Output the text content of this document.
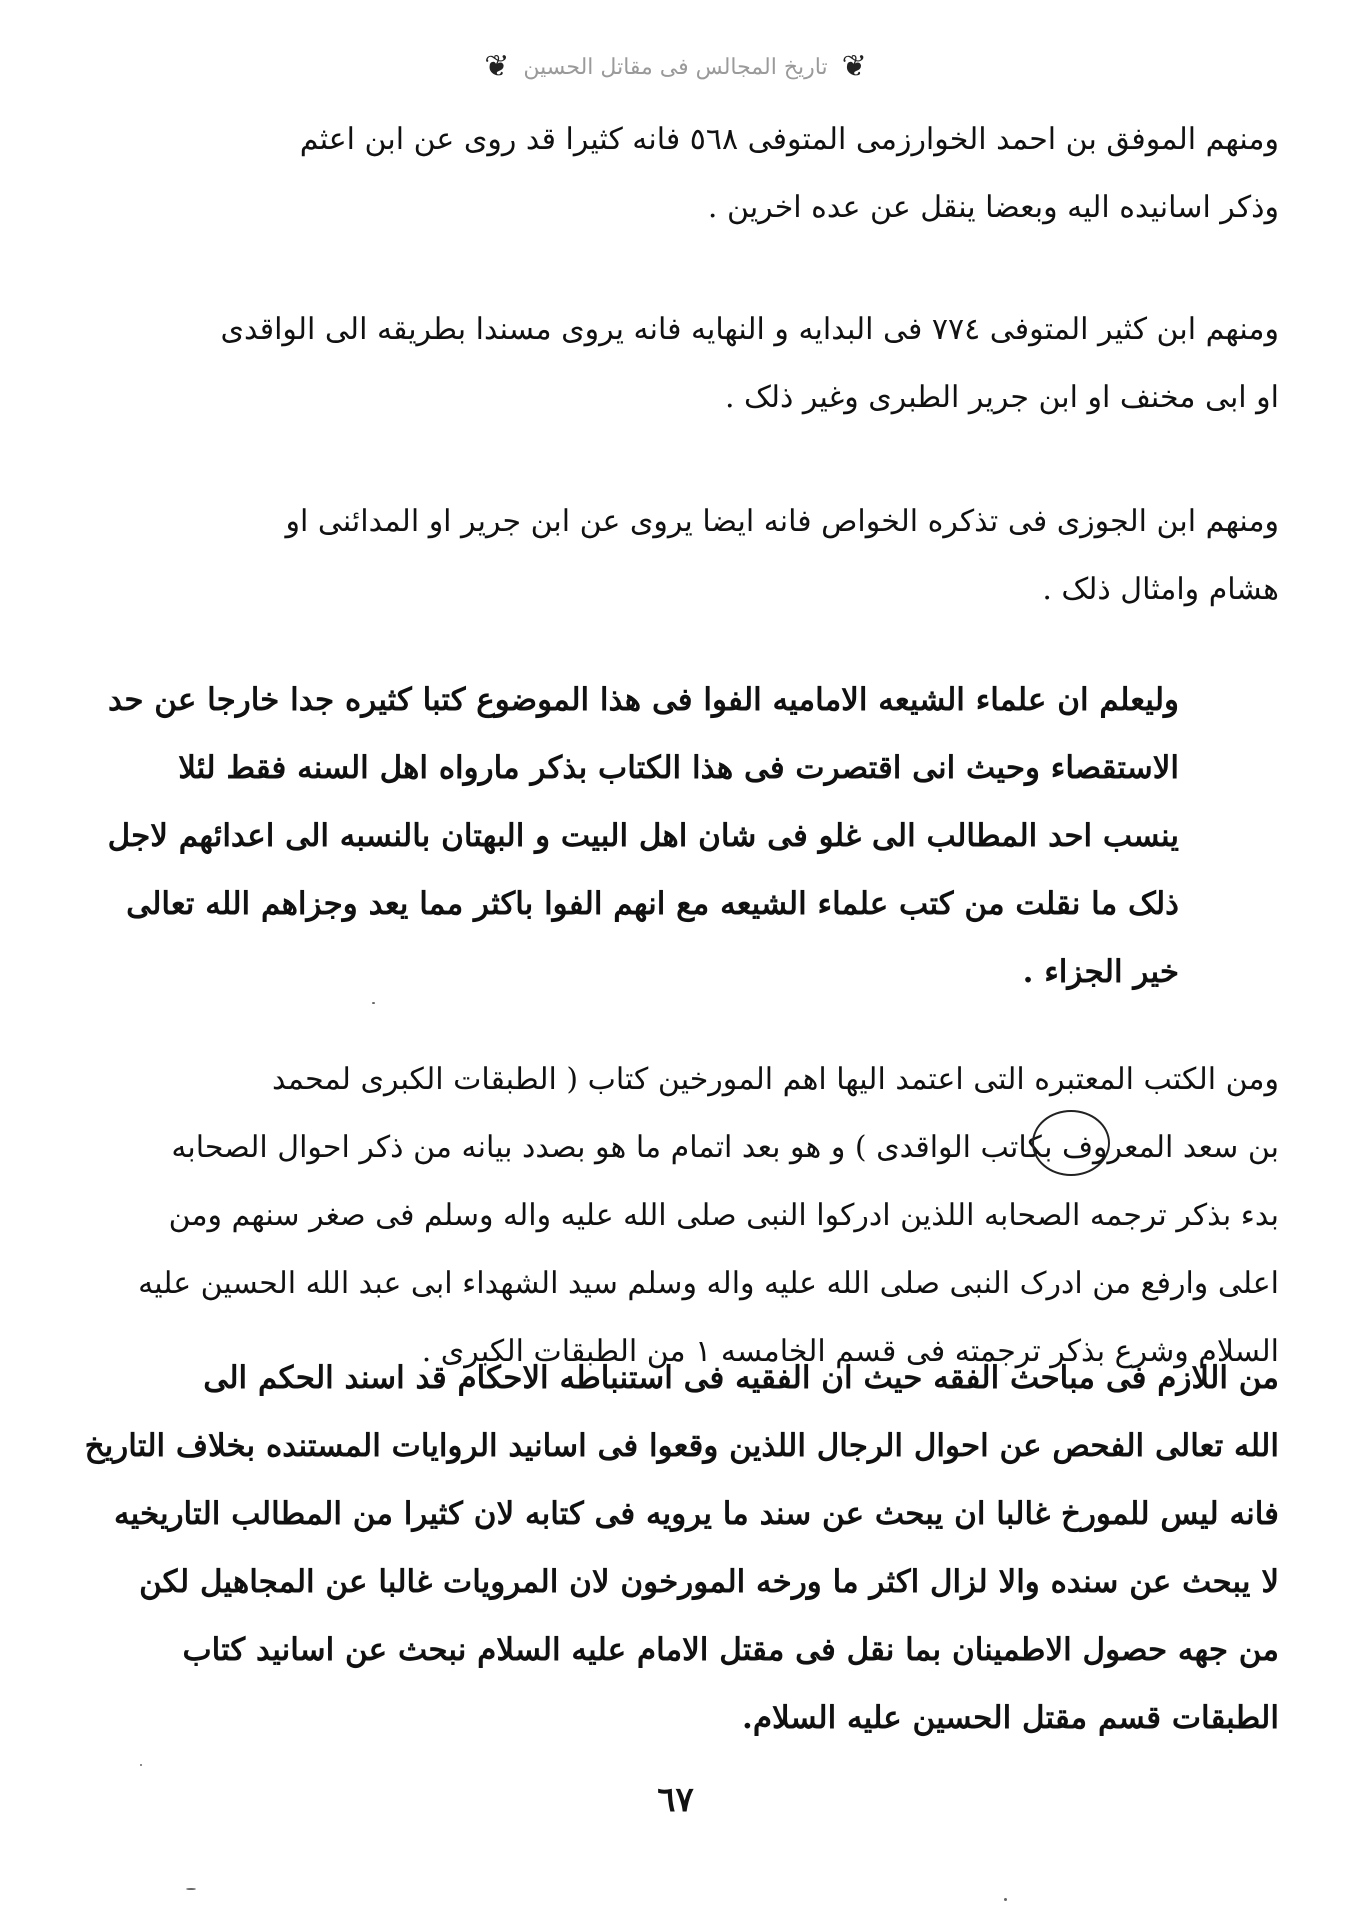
❦
تاريخ المجالس فى مقاتل الحسين
❦

ومنهم الموفق بن احمد الخوارزمى المتوفى ٥٦٨ فانه كثيرا قد روى عن ابن اعثم
وذكر اسانيده اليه وبعضا ينقل عن عده اخرين .

ومنهم ابن كثير المتوفى ٧٧٤ فى البدايه و النهايه فانه يروى مسندا بطريقه الى الواقدى
او ابى مخنف او ابن جرير الطبرى وغير ذلک .

ومنهم ابن الجوزى فى تذكره الخواص فانه ايضا يروى عن ابن جرير او المدائنى او
هشام وامثال ذلک .

وليعلم ان علماء الشيعه الاماميه الفوا فى هذا الموضوع كتبا كثيره جدا خارجا عن حد
الاستقصاء وحيث انى اقتصرت فى هذا الكتاب بذكر مارواه اهل السنه فقط لئلا
ينسب احد المطالب الى غلو فى شان اهل البيت و البهتان بالنسبه الى اعدائهم لاجل
ذلک ما نقلت من كتب علماء الشيعه مع انهم الفوا باكثر مما يعد وجزاهم الله تعالى
خير الجزاء .

ومن الكتب المعتبره التى اعتمد اليها اهم المورخين كتاب ( الطبقات الكبرى لمحمد
بن سعد المعروف بكاتب الواقدى ) و هو بعد اتمام ما هو بصدد بيانه من ذكر احوال الصحابه
بدء بذكر ترجمه الصحابه اللذين ادركوا النبى صلى الله عليه واله وسلم فى صغر سنهم ومن
اعلى وارفع من ادرک النبى صلى الله عليه واله وسلم سيد الشهداء ابى عبد الله الحسين عليه
السلام وشرع بذكر ترجمته فى قسم الخامسه ١ من الطبقات الكبرى .

من اللازم فى مباحث الفقه حيث ان الفقيه فى استنباطه الاحكام قد اسند الحكم الى
الله تعالى الفحص عن احوال الرجال اللذين وقعوا فى اسانيد الروايات المستنده بخلاف التاريخ
فانه ليس للمورخ غالبا ان يبحث عن سند ما يرويه فى كتابه لان كثيرا من المطالب التاريخيه
لا يبحث عن سنده والا لزال اكثر ما ورخه المورخون لان المرويات غالبا عن المجاهيل لكن
من جهه حصول الاطمينان بما نقل فى مقتل الامام عليه السلام نبحث عن اسانيد كتاب
الطبقات قسم مقتل الحسين عليه السلام.

٦٧
